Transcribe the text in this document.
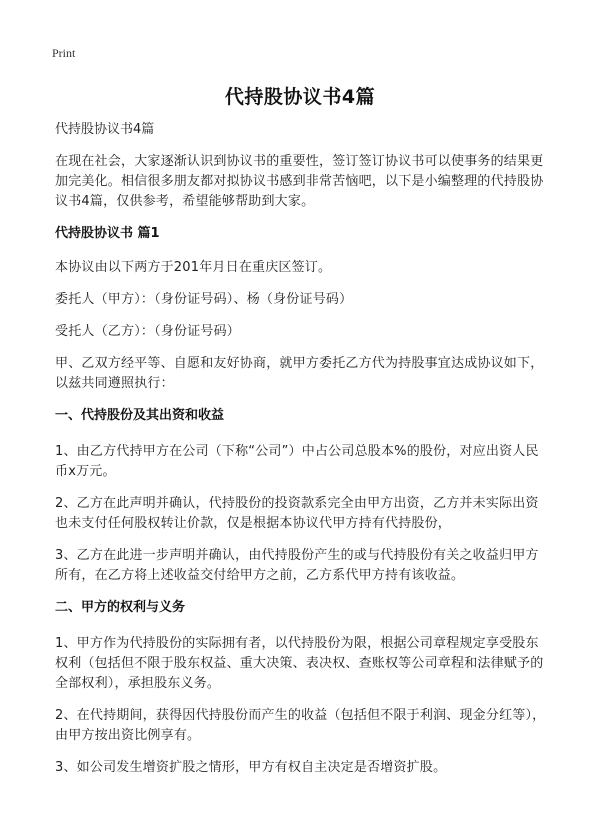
Print
代持股协议书4篇
代持股协议书4篇

在现在社会，大家逐渐认识到协议书的重要性，签订签订协议书可以使事务的结果更加完美化。相信很多朋友都对拟协议书感到非常苦恼吧，以下是小编整理的代持股协议书4篇，仅供参考，希望能够帮助到大家。

代持股协议书 篇1

本协议由以下两方于201年月日在重庆区签订。

委托人（甲方）：（身份证号码）、杨（身份证号码）

受托人（乙方）：（身份证号码）

甲、乙双方经平等、自愿和友好协商，就甲方委托乙方代为持股事宜达成协议如下，以兹共同遵照执行：

一、代持股份及其出资和收益

1、由乙方代持甲方在公司（下称“公司”）中占公司总股本%的股份，对应出资人民币x万元。

2、乙方在此声明并确认，代持股份的投资款系完全由甲方出资，乙方并未实际出资也未支付任何股权转让价款，仅是根据本协议代甲方持有代持股份，

3、乙方在此进一步声明并确认，由代持股份产生的或与代持股份有关之收益归甲方所有，在乙方将上述收益交付给甲方之前，乙方系代甲方持有该收益。

二、甲方的权利与义务

1、甲方作为代持股份的实际拥有者，以代持股份为限，根据公司章程规定享受股东权利（包括但不限于股东权益、重大决策、表决权、查账权等公司章程和法律赋予的全部权利），承担股东义务。

2、在代持期间，获得因代持股份而产生的收益（包括但不限于利润、现金分红等），由甲方按出资比例享有。

3、如公司发生增资扩股之情形，甲方有权自主决定是否增资扩股。
